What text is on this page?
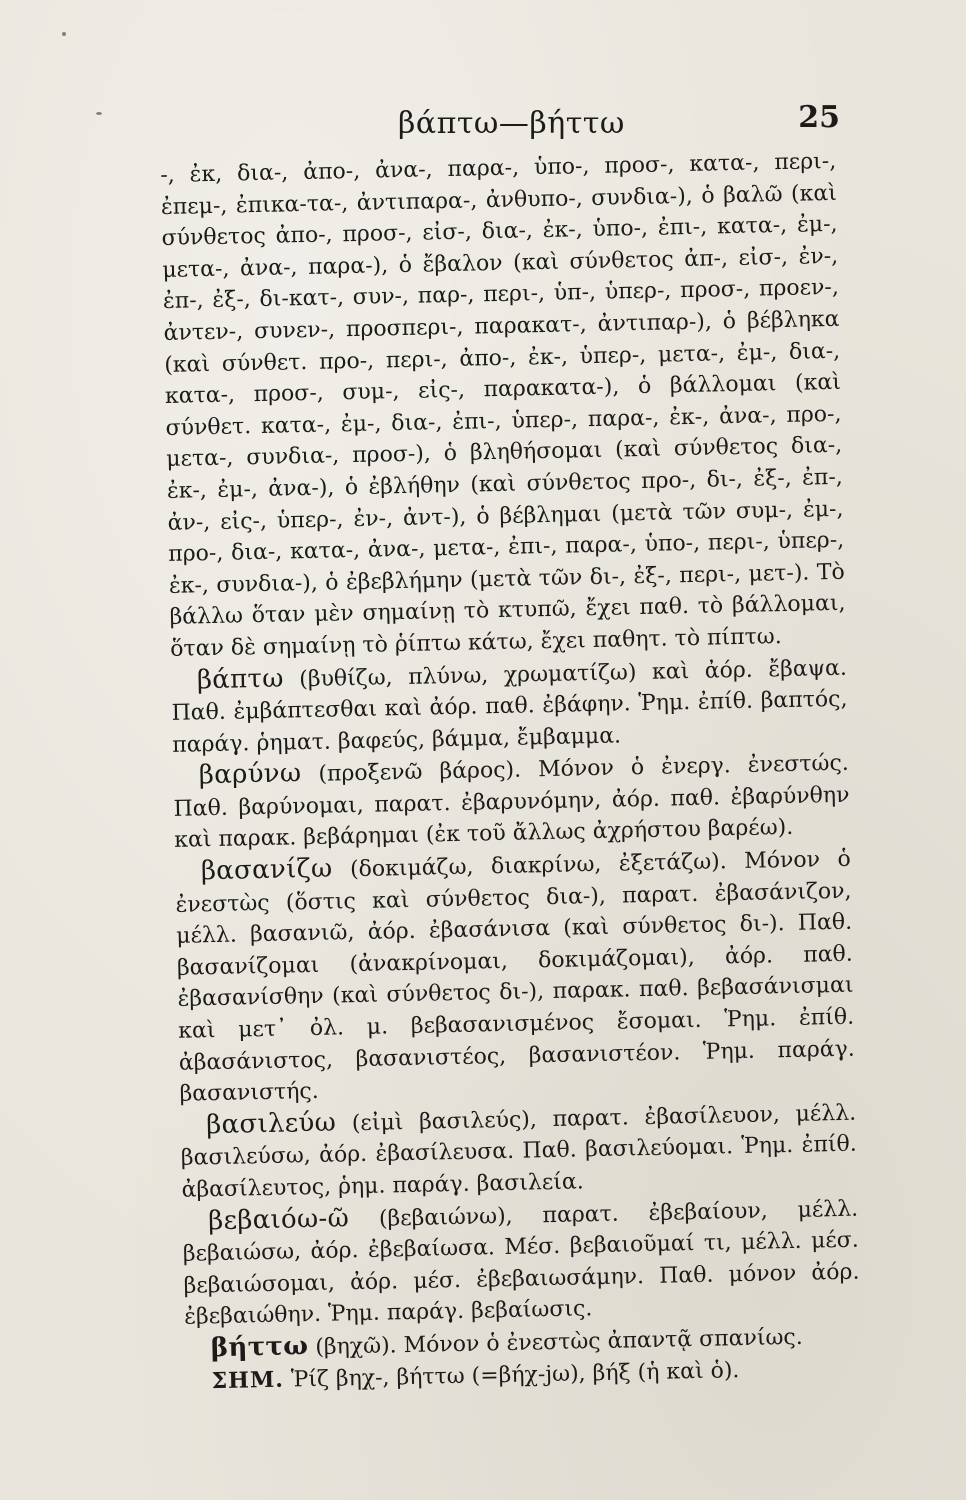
βάπτω—βήττω	25

-, ἐκ, δια-, ἀπο-, ἀνα-, παρα-, ὑπο-, προσ-, κατα-, περι-, ἐπεμ-, ἐπικα-τα-, ἀντιπαρα-, ἀνθυπο-, συνδια-), ὁ βαλῶ (καὶ σύνθετος ἀπο-, προσ-, εἰσ-, δια-, ἐκ-, ὑπο-, ἐπι-, κατα-, ἐμ-, μετα-, ἀνα-, παρα-), ὁ ἔβαλον (καὶ σύνθετος ἀπ-, εἰσ-, ἐν-, ἐπ-, ἐξ-, δι-κατ-, συν-, παρ-, περι-, ὑπ-, ὑπερ-, προσ-, προεν-, ἀντεν-, συνεν-, προσπερι-, παρακατ-, ἀντιπαρ-), ὁ βέβληκα (καὶ σύνθετ. προ-, περι-, ἀπο-, ἐκ-, ὑπερ-, μετα-, ἐμ-, δια-, κατα-, προσ-, συμ-, εἰς-, παρακατα-), ὁ βάλλομαι (καὶ σύνθετ. κατα-, ἐμ-, δια-, ἐπι-, ὑπερ-, παρα-, ἐκ-, ἀνα-, προ-, μετα-, συνδια-, προσ-), ὁ βληθήσομαι (καὶ σύνθετος δια-, ἐκ-, ἐμ-, ἀνα-), ὁ ἐβλήθην (καὶ σύνθετος προ-, δι-, ἐξ-, ἐπ-, ἀν-, εἰς-, ὑπερ-, ἐν-, ἀντ-), ὁ βέβλημαι (μετὰ τῶν συμ-, ἐμ-, προ-, δια-, κατα-, ἀνα-, μετα-, ἐπι-, παρα-, ὑπο-, περι-, ὑπερ-, ἐκ-, συνδια-), ὁ ἐβεβλήμην (μετὰ τῶν δι-, ἐξ-, περι-, μετ-). Τὸ βάλλω ὅταν μὲν σημαίνῃ τὸ κτυπῶ, ἔχει παθ. τὸ βάλλομαι, ὅταν δὲ σημαίνῃ τὸ ῥίπτω κάτω, ἔχει παθητ. τὸ πίπτω.

βάπτω (βυθίζω, πλύνω, χρωματίζω) καὶ ἀόρ. ἔβαψα. Παθ. ἐμβάπτεσθαι καὶ ἀόρ. παθ. ἐβάφην. Ῥημ. ἐπίθ. βαπτός, παράγ. ῥηματ. βαφεύς, βάμμα, ἔμβαμμα.

βαρύνω (προξενῶ βάρος). Μόνον ὁ ἐνεργ. ἐνεστώς. Παθ. βαρύνομαι, παρατ. ἐβαρυνόμην, ἀόρ. παθ. ἐβαρύνθην καὶ παρακ. βεβάρημαι (ἐκ τοῦ ἄλλως ἀχρήστου βαρέω).

βασανίζω (δοκιμάζω, διακρίνω, ἐξετάζω). Μόνον ὁ ἐνεστὼς (ὅστις καὶ σύνθετος δια-), παρατ. ἐβασάνιζον, μέλλ. βασανιῶ, ἀόρ. ἐβασάνισα (καὶ σύνθετος δι-). Παθ. βασανίζομαι (ἀνακρίνομαι, δοκιμάζομαι), ἀόρ. παθ. ἐβασανίσθην (καὶ σύνθετος δι-), παρακ. παθ. βεβασάνισμαι καὶ μετ᾽ ὀλ. μ. βεβασανισμένος ἔσομαι. Ῥημ. ἐπίθ. ἀβασάνιστος, βασανιστέος, βασανιστέον. Ῥημ. παράγ. βασανιστής.

βασιλεύω (εἰμὶ βασιλεύς), παρατ. ἐβασίλευον, μέλλ. βασιλεύσω, ἀόρ. ἐβασίλευσα. Παθ. βασιλεύομαι. Ῥημ. ἐπίθ. ἀβασίλευτος, ῥημ. παράγ. βασιλεία.

βεβαιόω-ῶ (βεβαιώνω), παρατ. ἐβεβαίουν, μέλλ. βεβαιώσω, ἀόρ. ἐβεβαίωσα. Μέσ. βεβαιοῦμαί τι, μέλλ. μέσ. βεβαιώσομαι, ἀόρ. μέσ. ἐβεβαιωσάμην. Παθ. μόνον ἀόρ. ἐβεβαιώθην. Ῥημ. παράγ. βεβαίωσις.

βήττω (βηχῶ). Μόνον ὁ ἐνεστὼς ἀπαντᾷ σπανίως.

ΣΗΜ. Ῥίζ βηχ-, βήττω (=βήχ-jω), βήξ (ἡ καὶ ὁ).
